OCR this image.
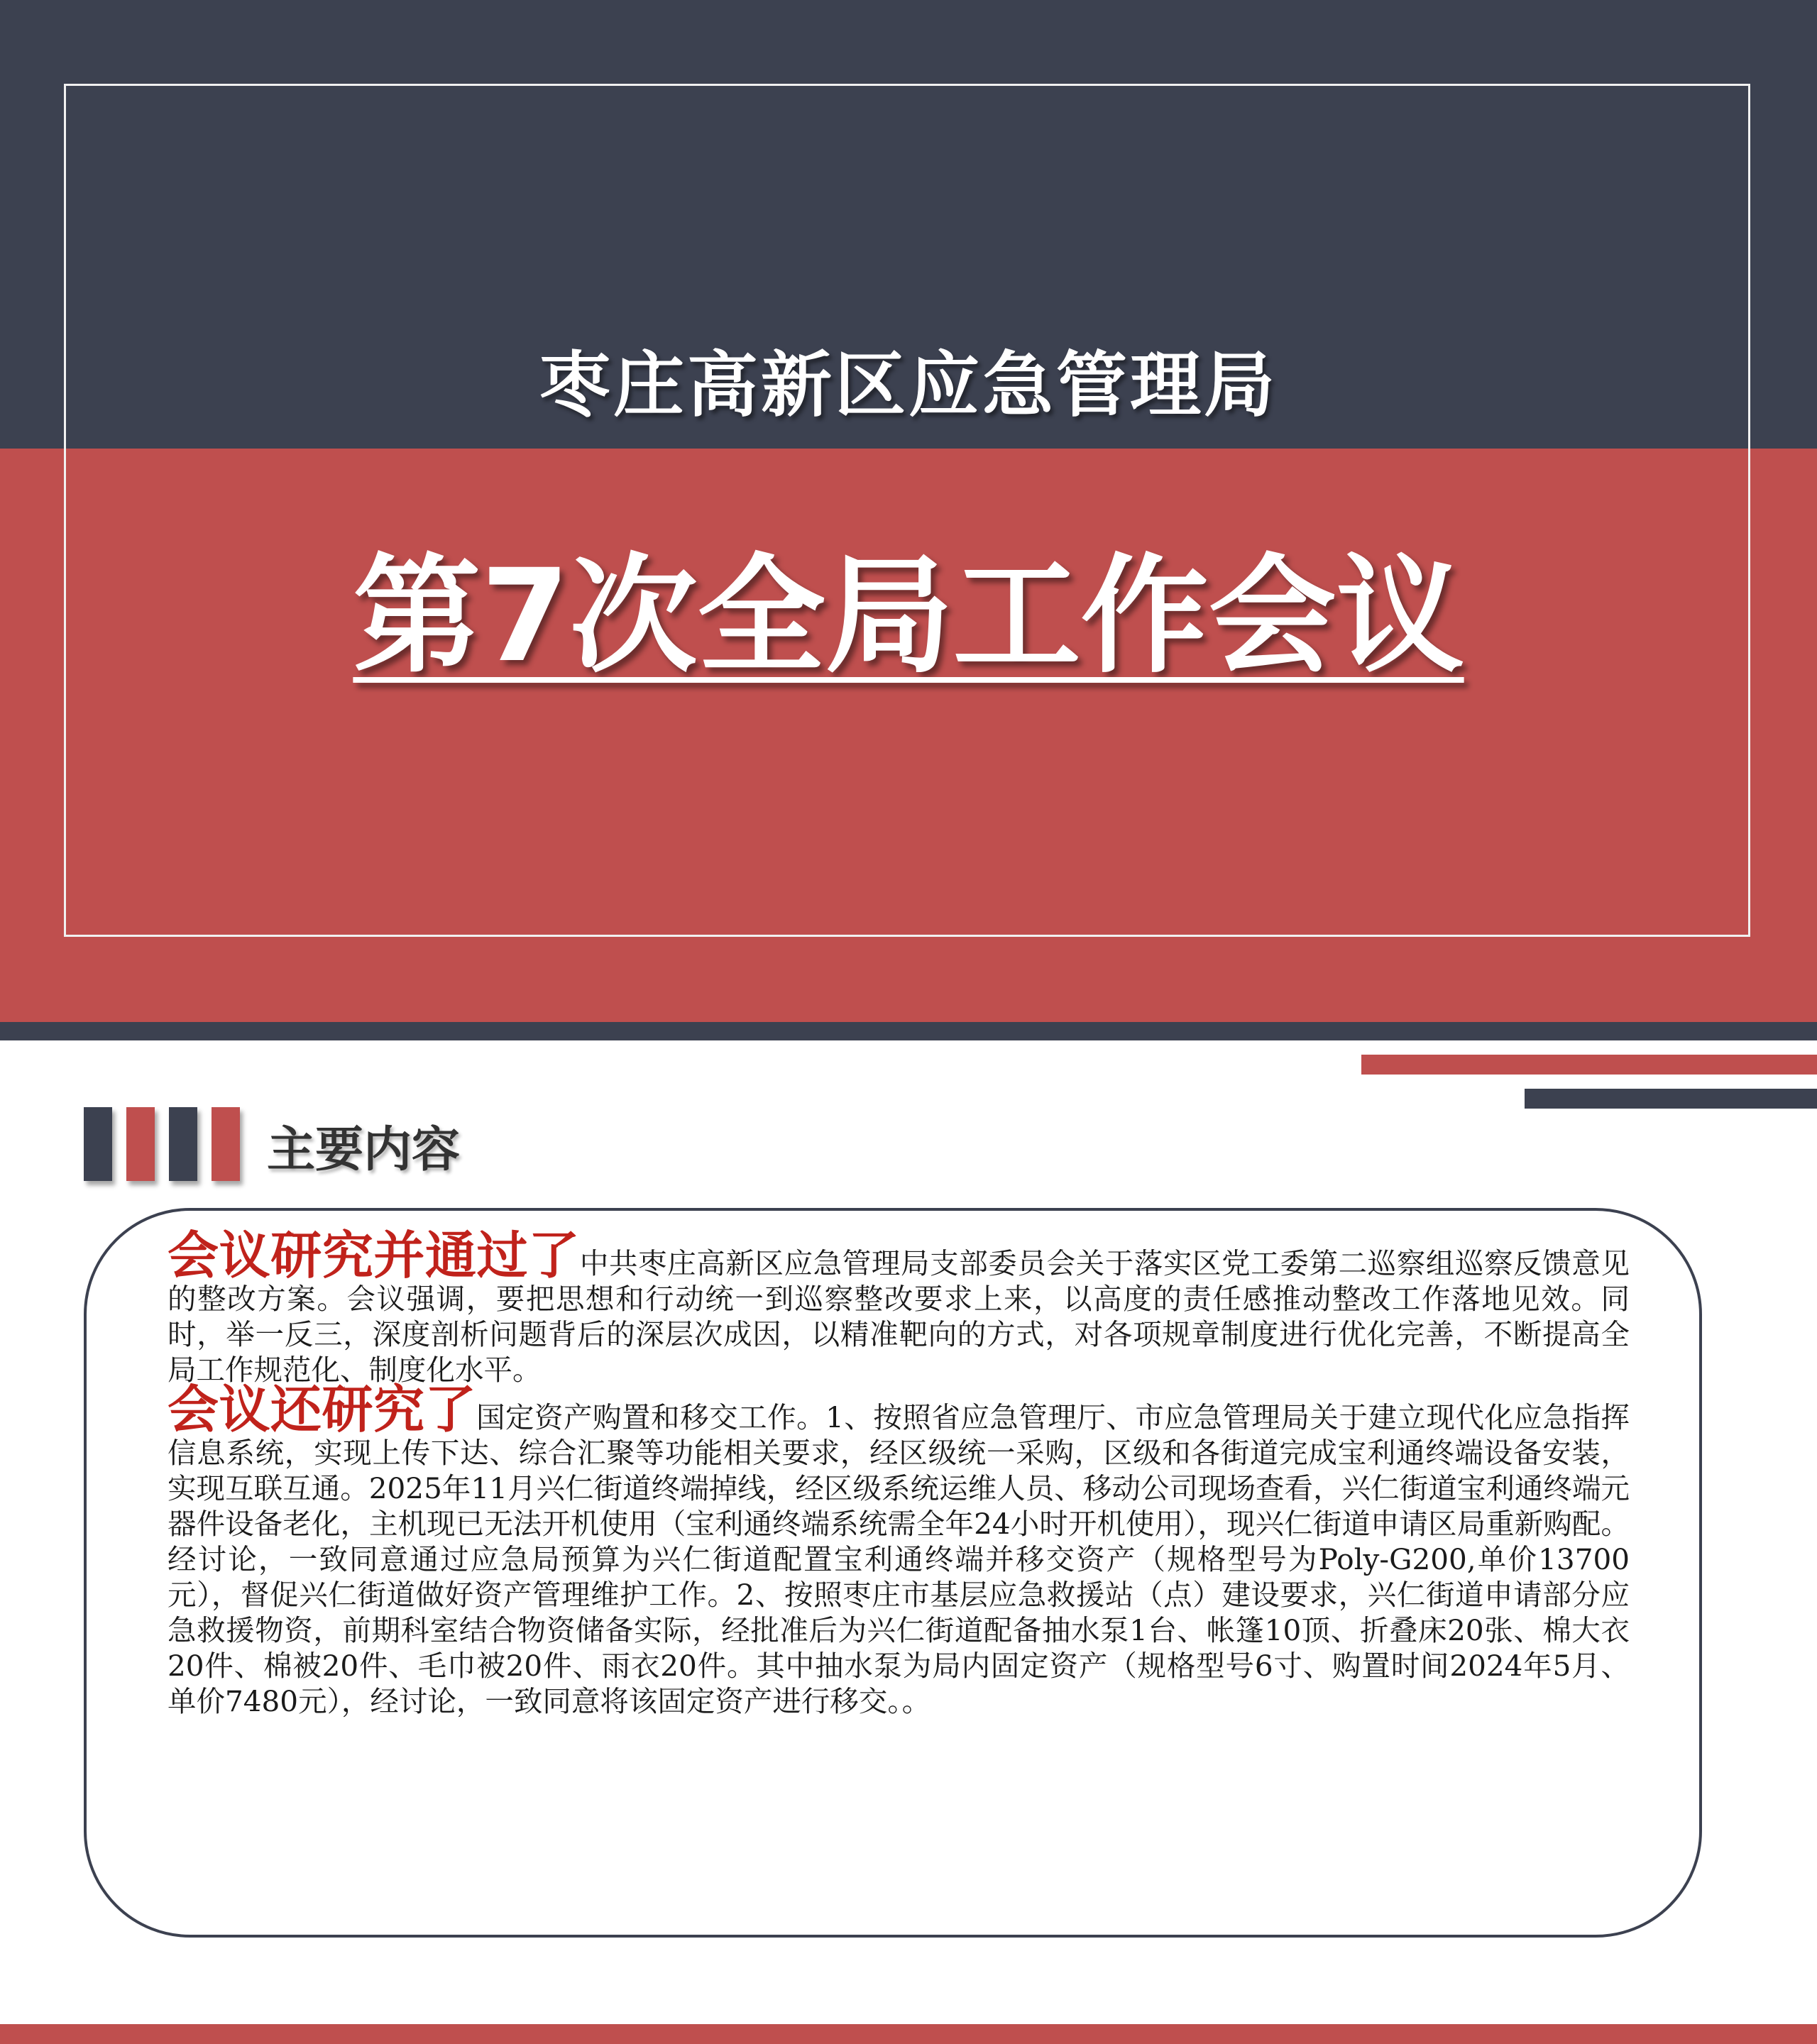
枣庄高新区应急管理局
第7次全局工作会议
主要内容

会议研究并通过了中共枣庄高新区应急管理局支部委员会关于落实区党工委第二巡察组巡察反馈意见的整改方案。会议强调，要把思想和行动统一到巡察整改要求上来，以高度的责任感推动整改工作落地见效。同时，举一反三，深度剖析问题背后的深层次成因，以精准靶向的方式，对各项规章制度进行优化完善，不断提高全局工作规范化、制度化水平。

会议还研究了国定资产购置和移交工作。1、按照省应急管理厅、市应急管理局关于建立现代化应急指挥信息系统，实现上传下达、综合汇聚等功能相关要求，经区级统一采购，区级和各街道完成宝利通终端设备安装，实现互联互通。2025年11月兴仁街道终端掉线，经区级系统运维人员、移动公司现场查看，兴仁街道宝利通终端元器件设备老化，主机现已无法开机使用（宝利通终端系统需全年24小时开机使用），现兴仁街道申请区局重新购配。经讨论，一致同意通过应急局预算为兴仁街道配置宝利通终端并移交资产（规格型号为Poly-G200,单价13700元），督促兴仁街道做好资产管理维护工作。2、按照枣庄市基层应急救援站（点）建设要求，兴仁街道申请部分应急救援物资，前期科室结合物资储备实际，经批准后为兴仁街道配备抽水泵1台、帐篷10顶、折叠床20张、棉大衣20件、棉被20件、毛巾被20件、雨衣20件。其中抽水泵为局内固定资产（规格型号6寸、购置时间2024年5月、单价7480元），经讨论，一致同意将该固定资产进行移交。。
